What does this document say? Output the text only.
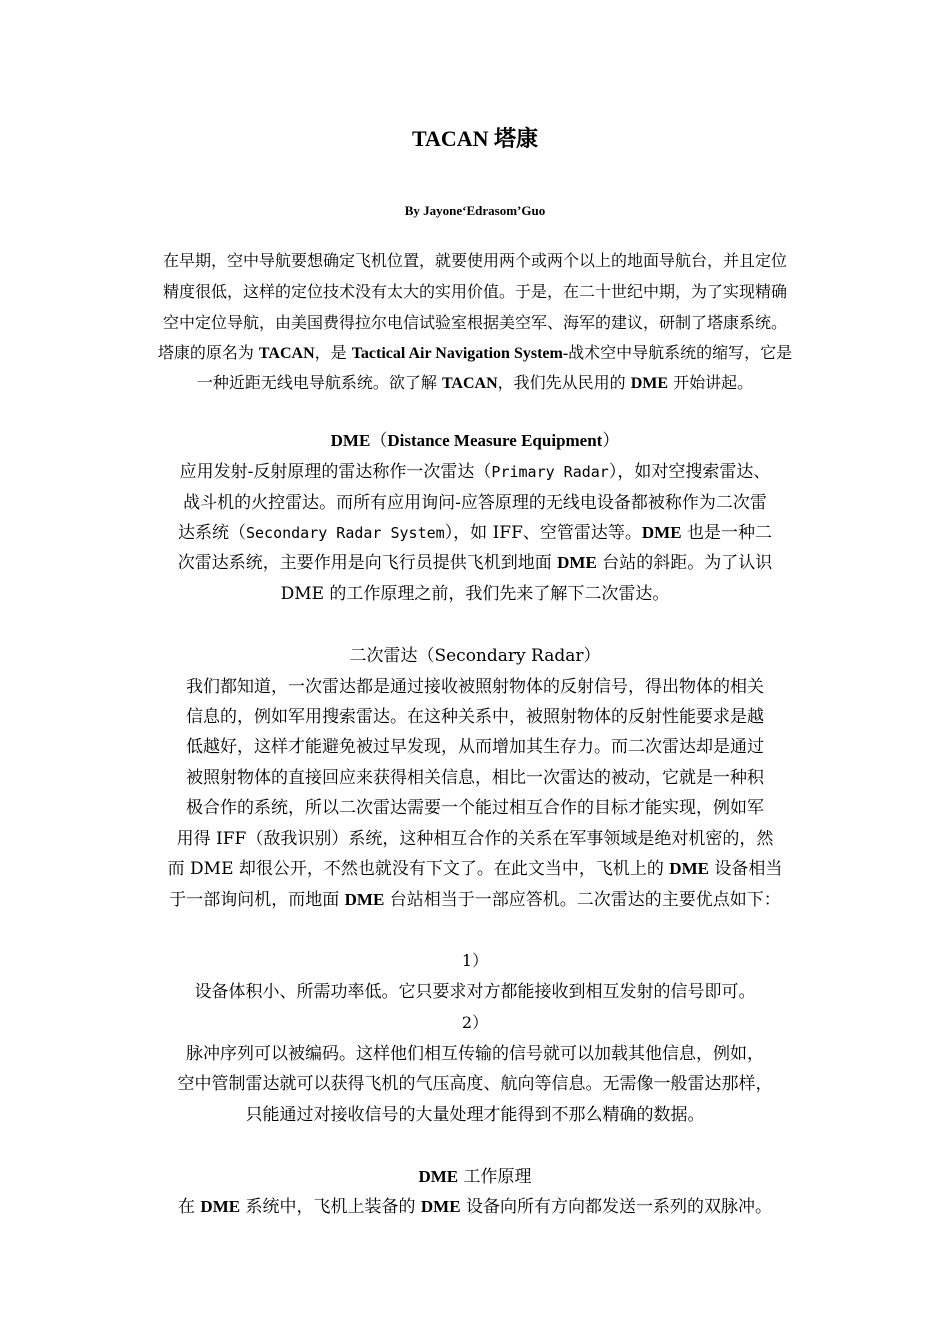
TACAN 塔康
By Jayone‘Edrasom’Guo
在早期，空中导航要想确定飞机位置，就要使用两个或两个以上的地面导航台，并且定位
精度很低，这样的定位技术没有太大的实用价值。于是，在二十世纪中期，为了实现精确
空中定位导航，由美国费得拉尔电信试验室根据美空军、海军的建议，研制了塔康系统。
塔康的原名为 TACAN，是 Tactical Air Navigation System-战术空中导航系统的缩写，它是
一种近距无线电导航系统。欲了解 TACAN，我们先从民用的 DME 开始讲起。
DME（Distance Measure Equipment）
应用发射-反射原理的雷达称作一次雷达（Primary Radar），如对空搜索雷达、
战斗机的火控雷达。而所有应用询问-应答原理的无线电设备都被称作为二次雷
达系统（Secondary Radar System），如 IFF、空管雷达等。DME 也是一种二
次雷达系统，主要作用是向飞行员提供飞机到地面 DME 台站的斜距。为了认识
DME 的工作原理之前，我们先来了解下二次雷达。
二次雷达（Secondary Radar）
我们都知道，一次雷达都是通过接收被照射物体的反射信号，得出物体的相关
信息的，例如军用搜索雷达。在这种关系中，被照射物体的反射性能要求是越
低越好，这样才能避免被过早发现，从而增加其生存力。而二次雷达却是通过
被照射物体的直接回应来获得相关信息，相比一次雷达的被动，它就是一种积
极合作的系统，所以二次雷达需要一个能过相互合作的目标才能实现，例如军
用得 IFF（敌我识别）系统，这种相互合作的关系在军事领域是绝对机密的，然
而 DME 却很公开，不然也就没有下文了。在此文当中，飞机上的 DME 设备相当
于一部询问机，而地面 DME 台站相当于一部应答机。二次雷达的主要优点如下：
1）
设备体积小、所需功率低。它只要求对方都能接收到相互发射的信号即可。
2）
脉冲序列可以被编码。这样他们相互传输的信号就可以加载其他信息，例如，
空中管制雷达就可以获得飞机的气压高度、航向等信息。无需像一般雷达那样，
只能通过对接收信号的大量处理才能得到不那么精确的数据。
DME 工作原理
在 DME 系统中，飞机上装备的 DME 设备向所有方向都发送一系列的双脉冲。
